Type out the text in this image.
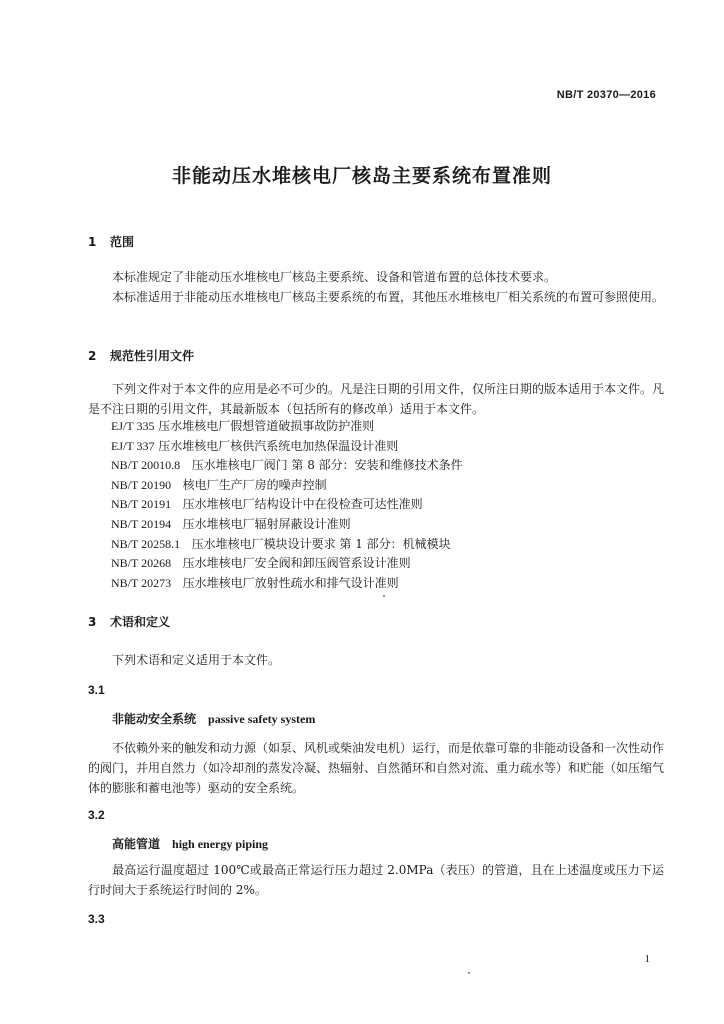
NB/T 20370—2016
非能动压水堆核电厂核岛主要系统布置准则
1 范围
本标准规定了非能动压水堆核电厂核岛主要系统、设备和管道布置的总体技术要求。
本标准适用于非能动压水堆核电厂核岛主要系统的布置，其他压水堆核电厂相关系统的布置可参照使用。
2 规范性引用文件
下列文件对于本文件的应用是必不可少的。凡是注日期的引用文件，仅所注日期的版本适用于本文件。凡是不注日期的引用文件，其最新版本（包括所有的修改单）适用于本文件。
EJ/T 335 压水堆核电厂假想管道破损事故防护准则
EJ/T 337 压水堆核电厂核供汽系统电加热保温设计准则
NB/T 20010.8 压水堆核电厂阀门 第 8 部分：安装和维修技术条件
NB/T 20190 核电厂生产厂房的噪声控制
NB/T 20191 压水堆核电厂结构设计中在役检查可达性准则
NB/T 20194 压水堆核电厂辐射屏蔽设计准则
NB/T 20258.1 压水堆核电厂模块设计要求 第 1 部分：机械模块
NB/T 20268 压水堆核电厂安全阀和卸压阀管系设计准则
NB/T 20273 压水堆核电厂放射性疏水和排气设计准则
3 术语和定义
下列术语和定义适用于本文件。
3.1
非能动安全系统 passive safety system
不依赖外来的触发和动力源（如泵、风机或柴油发电机）运行，而是依靠可靠的非能动设备和一次性动作的阀门，并用自然力（如冷却剂的蒸发冷凝、热辐射、自然循环和自然对流、重力疏水等）和贮能（如压缩气体的膨胀和蓄电池等）驱动的安全系统。
3.2
高能管道 high energy piping
最高运行温度超过 100℃或最高正常运行压力超过 2.0MPa（表压）的管道，且在上述温度或压力下运行时间大于系统运行时间的 2%。
3.3
1
